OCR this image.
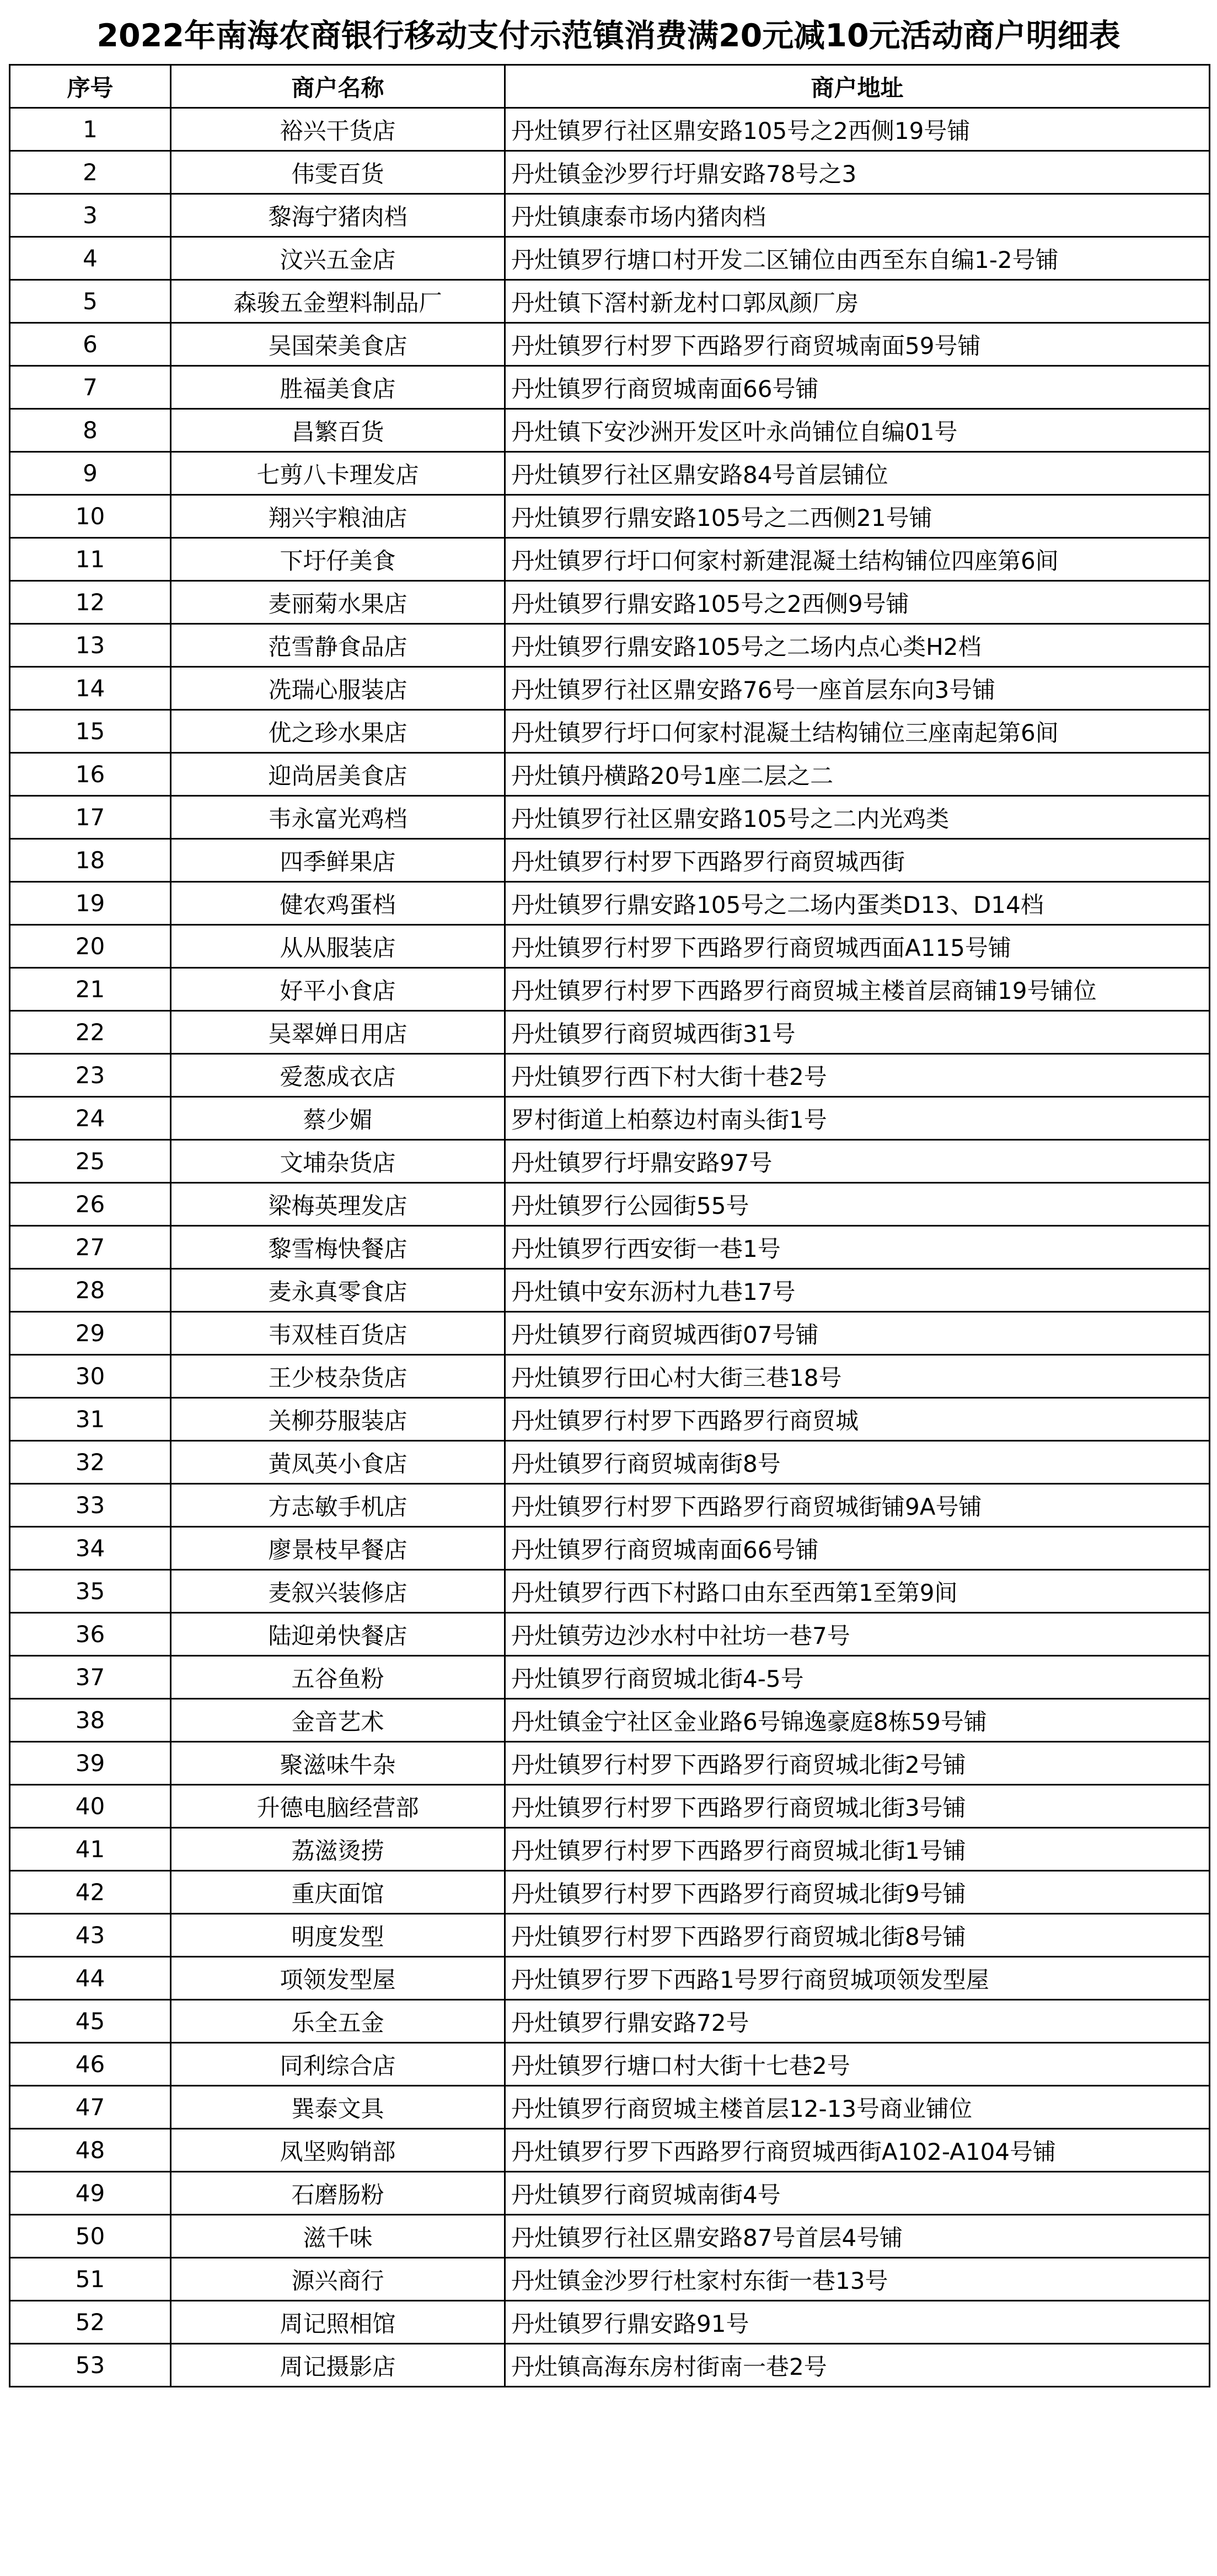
2022年南海农商银行移动支付示范镇消费满20元减10元活动商户明细表
序号	商户名称	商户地址
1	裕兴干货店	丹灶镇罗行社区鼎安路105号之2西侧19号铺
2	伟雯百货	丹灶镇金沙罗行圩鼎安路78号之3
3	黎海宁猪肉档	丹灶镇康泰市场内猪肉档
4	汶兴五金店	丹灶镇罗行塘口村开发二区铺位由西至东自编1-2号铺
5	森骏五金塑料制品厂	丹灶镇下滘村新龙村口郭凤颜厂房
6	吴国荣美食店	丹灶镇罗行村罗下西路罗行商贸城南面59号铺
7	胜福美食店	丹灶镇罗行商贸城南面66号铺
8	昌繁百货	丹灶镇下安沙洲开发区叶永尚铺位自编01号
9	七剪八卡理发店	丹灶镇罗行社区鼎安路84号首层铺位
10	翔兴宇粮油店	丹灶镇罗行鼎安路105号之二西侧21号铺
11	下圩仔美食	丹灶镇罗行圩口何家村新建混凝土结构铺位四座第6间
12	麦丽菊水果店	丹灶镇罗行鼎安路105号之2西侧9号铺
13	范雪静食品店	丹灶镇罗行鼎安路105号之二场内点心类H2档
14	冼瑞心服装店	丹灶镇罗行社区鼎安路76号一座首层东向3号铺
15	优之珍水果店	丹灶镇罗行圩口何家村混凝土结构铺位三座南起第6间
16	迎尚居美食店	丹灶镇丹横路20号1座二层之二
17	韦永富光鸡档	丹灶镇罗行社区鼎安路105号之二内光鸡类
18	四季鲜果店	丹灶镇罗行村罗下西路罗行商贸城西街
19	健农鸡蛋档	丹灶镇罗行鼎安路105号之二场内蛋类D13、D14档
20	从从服装店	丹灶镇罗行村罗下西路罗行商贸城西面A115号铺
21	好平小食店	丹灶镇罗行村罗下西路罗行商贸城主楼首层商铺19号铺位
22	吴翠婵日用店	丹灶镇罗行商贸城西街31号
23	爱葱成衣店	丹灶镇罗行西下村大街十巷2号
24	蔡少媚	罗村街道上柏蔡边村南头街1号
25	文埔杂货店	丹灶镇罗行圩鼎安路97号
26	梁梅英理发店	丹灶镇罗行公园街55号
27	黎雪梅快餐店	丹灶镇罗行西安街一巷1号
28	麦永真零食店	丹灶镇中安东沥村九巷17号
29	韦双桂百货店	丹灶镇罗行商贸城西街07号铺
30	王少枝杂货店	丹灶镇罗行田心村大街三巷18号
31	关柳芬服装店	丹灶镇罗行村罗下西路罗行商贸城
32	黄凤英小食店	丹灶镇罗行商贸城南街8号
33	方志敏手机店	丹灶镇罗行村罗下西路罗行商贸城街铺9A号铺
34	廖景枝早餐店	丹灶镇罗行商贸城南面66号铺
35	麦叙兴装修店	丹灶镇罗行西下村路口由东至西第1至第9间
36	陆迎弟快餐店	丹灶镇劳边沙水村中社坊一巷7号
37	五谷鱼粉	丹灶镇罗行商贸城北街4-5号
38	金音艺术	丹灶镇金宁社区金业路6号锦逸豪庭8栋59号铺
39	聚滋味牛杂	丹灶镇罗行村罗下西路罗行商贸城北街2号铺
40	升德电脑经营部	丹灶镇罗行村罗下西路罗行商贸城北街3号铺
41	荔滋烫捞	丹灶镇罗行村罗下西路罗行商贸城北街1号铺
42	重庆面馆	丹灶镇罗行村罗下西路罗行商贸城北街9号铺
43	明度发型	丹灶镇罗行村罗下西路罗行商贸城北街8号铺
44	项领发型屋	丹灶镇罗行罗下西路1号罗行商贸城项领发型屋
45	乐全五金	丹灶镇罗行鼎安路72号
46	同利综合店	丹灶镇罗行塘口村大街十七巷2号
47	巽泰文具	丹灶镇罗行商贸城主楼首层12-13号商业铺位
48	凤坚购销部	丹灶镇罗行罗下西路罗行商贸城西街A102-A104号铺
49	石磨肠粉	丹灶镇罗行商贸城南街4号
50	滋千味	丹灶镇罗行社区鼎安路87号首层4号铺
51	源兴商行	丹灶镇金沙罗行杜家村东街一巷13号
52	周记照相馆	丹灶镇罗行鼎安路91号
53	周记摄影店	丹灶镇高海东房村街南一巷2号
